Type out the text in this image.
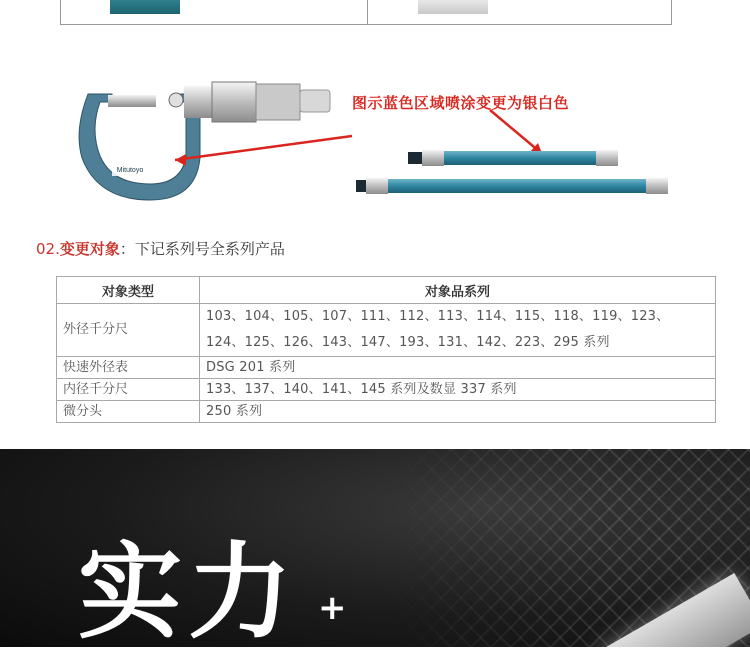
Mitutoyo
图示蓝色区域喷涂变更为银白色
02.变更对象：下记系列号全系列产品
对象类型	对象品系列
外径千分尺	103、104、105、107、111、112、113、114、115、118、119、123、
124、125、126、143、147、193、131、142、223、295 系列

快速外径表	DSG 201 系列
内径千分尺	133、137、140、141、145 系列及数显 337 系列
微分头	250 系列
实力 +
